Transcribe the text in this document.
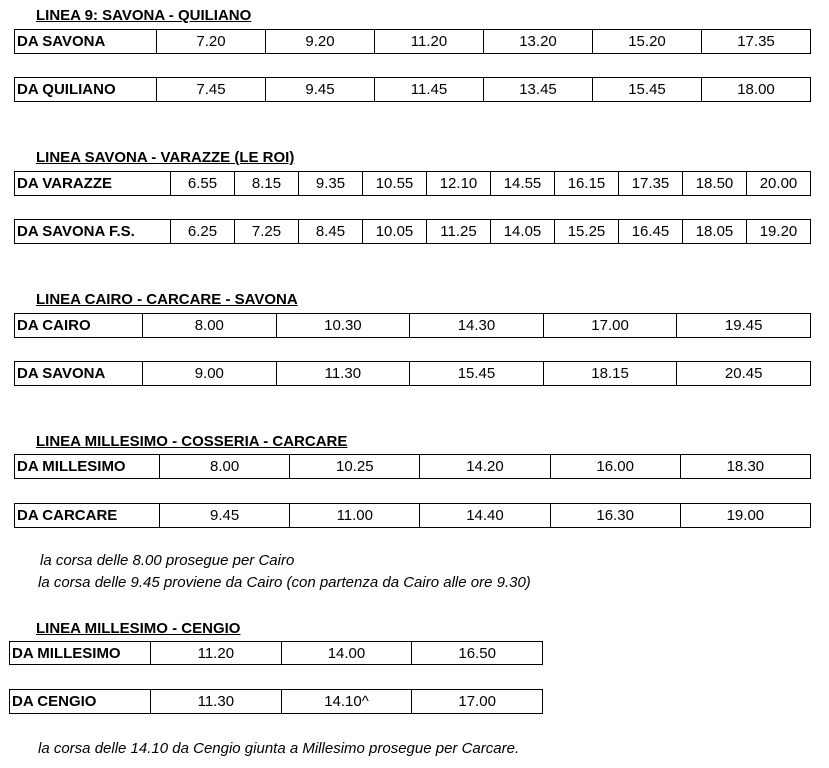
LINEA 9: SAVONA - QUILIANO
DA SAVONA	7.20	9.20	11.20	13.20	15.20	17.35
DA QUILIANO	7.45	9.45	11.45	13.45	15.45	18.00
LINEA SAVONA - VARAZZE (LE ROI)
DA VARAZZE	6.55	8.15	9.35	10.55	12.10	14.55	16.15	17.35	18.50	20.00
DA SAVONA F.S.	6.25	7.25	8.45	10.05	11.25	14.05	15.25	16.45	18.05	19.20
LINEA CAIRO - CARCARE - SAVONA
DA CAIRO	8.00	10.30	14.30	17.00	19.45
DA SAVONA	9.00	11.30	15.45	18.15	20.45
LINEA MILLESIMO - COSSERIA - CARCARE
DA MILLESIMO	8.00	10.25	14.20	16.00	18.30
DA CARCARE	9.45	11.00	14.40	16.30	19.00
la corsa delle 8.00 prosegue per Cairo
la corsa delle 9.45 proviene da Cairo (con partenza da Cairo alle ore 9.30)
LINEA MILLESIMO - CENGIO
DA MILLESIMO	11.20	14.00	16.50
DA CENGIO	11.30	14.10^	17.00
la corsa delle 14.10 da Cengio giunta a Millesimo prosegue per Carcare.
